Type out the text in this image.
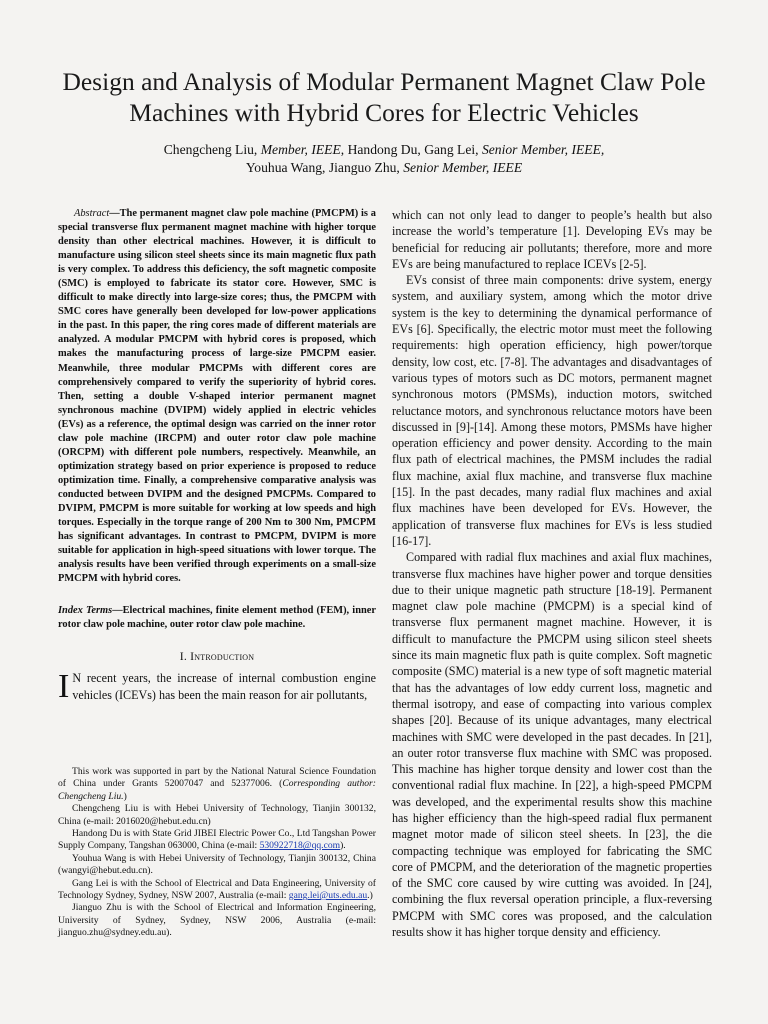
Design and Analysis of Modular Permanent Magnet Claw Pole
Machines with Hybrid Cores for Electric Vehicles
Chengcheng Liu, Member, IEEE, Handong Du, Gang Lei, Senior Member, IEEE,
Youhua Wang, Jianguo Zhu, Senior Member, IEEE

Abstract—The permanent magnet claw pole machine (PMCPM) is a special transverse flux permanent magnet machine with higher torque density than other electrical machines. However, it is difficult to manufacture using silicon steel sheets since its main magnetic flux path is very complex. To address this deficiency, the soft magnetic composite (SMC) is employed to fabricate its stator core. However, SMC is difficult to make directly into large-size cores; thus, the PMCPM with SMC cores have generally been developed for low-power applications in the past. In this paper, the ring cores made of different materials are analyzed. A modular PMCPM with hybrid cores is proposed, which makes the manufacturing process of large-size PMCPM easier. Meanwhile, three modular PMCPMs with different cores are comprehensively compared to verify the superiority of hybrid cores. Then, setting a double V-shaped interior permanent magnet synchronous machine (DVIPM) widely applied in electric vehicles (EVs) as a reference, the optimal design was carried on the inner rotor claw pole machine (IRCPM) and outer rotor claw pole machine (ORCPM) with different pole numbers, respectively. Meanwhile, an optimization strategy based on prior experience is proposed to reduce optimization time. Finally, a comprehensive comparative analysis was conducted between DVIPM and the designed PMCPMs. Compared to DVIPM, PMCPM is more suitable for working at low speeds and high torques. Especially in the torque range of 200 Nm to 300 Nm, PMCPM has significant advantages. In contrast to PMCPM, DVIPM is more suitable for application in high-speed situations with lower torque. The analysis results have been verified through experiments on a small-size PMCPM with hybrid cores.

Index Terms—Electrical machines, finite element method (FEM), inner rotor claw pole machine, outer rotor claw pole machine.

I. Introduction

I N recent years, the increase of internal combustion engine vehicles (ICEVs) has been the main reason for air pollutants,

This work was supported in part by the National Natural Science Foundation of China under Grants 52007047 and 52377006. (Corresponding author: Chengcheng Liu.)

Chengcheng Liu is with Hebei University of Technology, Tianjin 300132, China (e-mail: 2016020@hebut.edu.cn)

Handong Du is with State Grid JIBEI Electric Power Co., Ltd Tangshan Power Supply Company, Tangshan 063000, China (e-mail: 530922718@qq.com).

Youhua Wang is with Hebei University of Technology, Tianjin 300132, China (wangyi@hebut.edu.cn).

Gang Lei is with the School of Electrical and Data Engineering, University of Technology Sydney, Sydney, NSW 2007, Australia (e-mail: gang.lei@uts.edu.au.)

Jianguo Zhu is with the School of Electrical and Information Engineering, University of Sydney, Sydney, NSW 2006, Australia (e-mail: jianguo.zhu@sydney.edu.au).

which can not only lead to danger to people’s health but also increase the world’s temperature [1]. Developing EVs may be beneficial for reducing air pollutants; therefore, more and more EVs are being manufactured to replace ICEVs [2-5].

EVs consist of three main components: drive system, energy system, and auxiliary system, among which the motor drive system is the key to determining the dynamical performance of EVs [6]. Specifically, the electric motor must meet the following requirements: high operation efficiency, high power/torque density, low cost, etc. [7-8]. The advantages and disadvantages of various types of motors such as DC motors, permanent magnet synchronous motors (PMSMs), induction motors, switched reluctance motors, and synchronous reluctance motors have been discussed in [9]-[14]. Among these motors, PMSMs have higher operation efficiency and power density. According to the main flux path of electrical machines, the PMSM includes the radial flux machine, axial flux machine, and transverse flux machine [15]. In the past decades, many radial flux machines and axial flux machines have been developed for EVs. However, the application of transverse flux machines for EVs is less studied [16-17].

Compared with radial flux machines and axial flux machines, transverse flux machines have higher power and torque densities due to their unique magnetic path structure [18-19]. Permanent magnet claw pole machine (PMCPM) is a special kind of transverse flux permanent magnet machine. However, it is difficult to manufacture the PMCPM using silicon steel sheets since its main magnetic flux path is quite complex. Soft magnetic composite (SMC) material is a new type of soft magnetic material that has the advantages of low eddy current loss, magnetic and thermal isotropy, and ease of compacting into various complex shapes [20]. Because of its unique advantages, many electrical machines with SMC were developed in the past decades. In [21], an outer rotor transverse flux machine with SMC was proposed. This machine has higher torque density and lower cost than the conventional radial flux machine. In [22], a high-speed PMCPM was developed, and the experimental results show this machine has higher efficiency than the high-speed radial flux permanent magnet motor made of silicon steel sheets. In [23], the die compacting technique was employed for fabricating the SMC core of PMCPM, and the deterioration of the magnetic properties of the SMC core caused by wire cutting was avoided. In [24], combining the flux reversal operation principle, a flux-reversing PMCPM with SMC cores was proposed, and the calculation results show it has higher torque density and efficiency.
